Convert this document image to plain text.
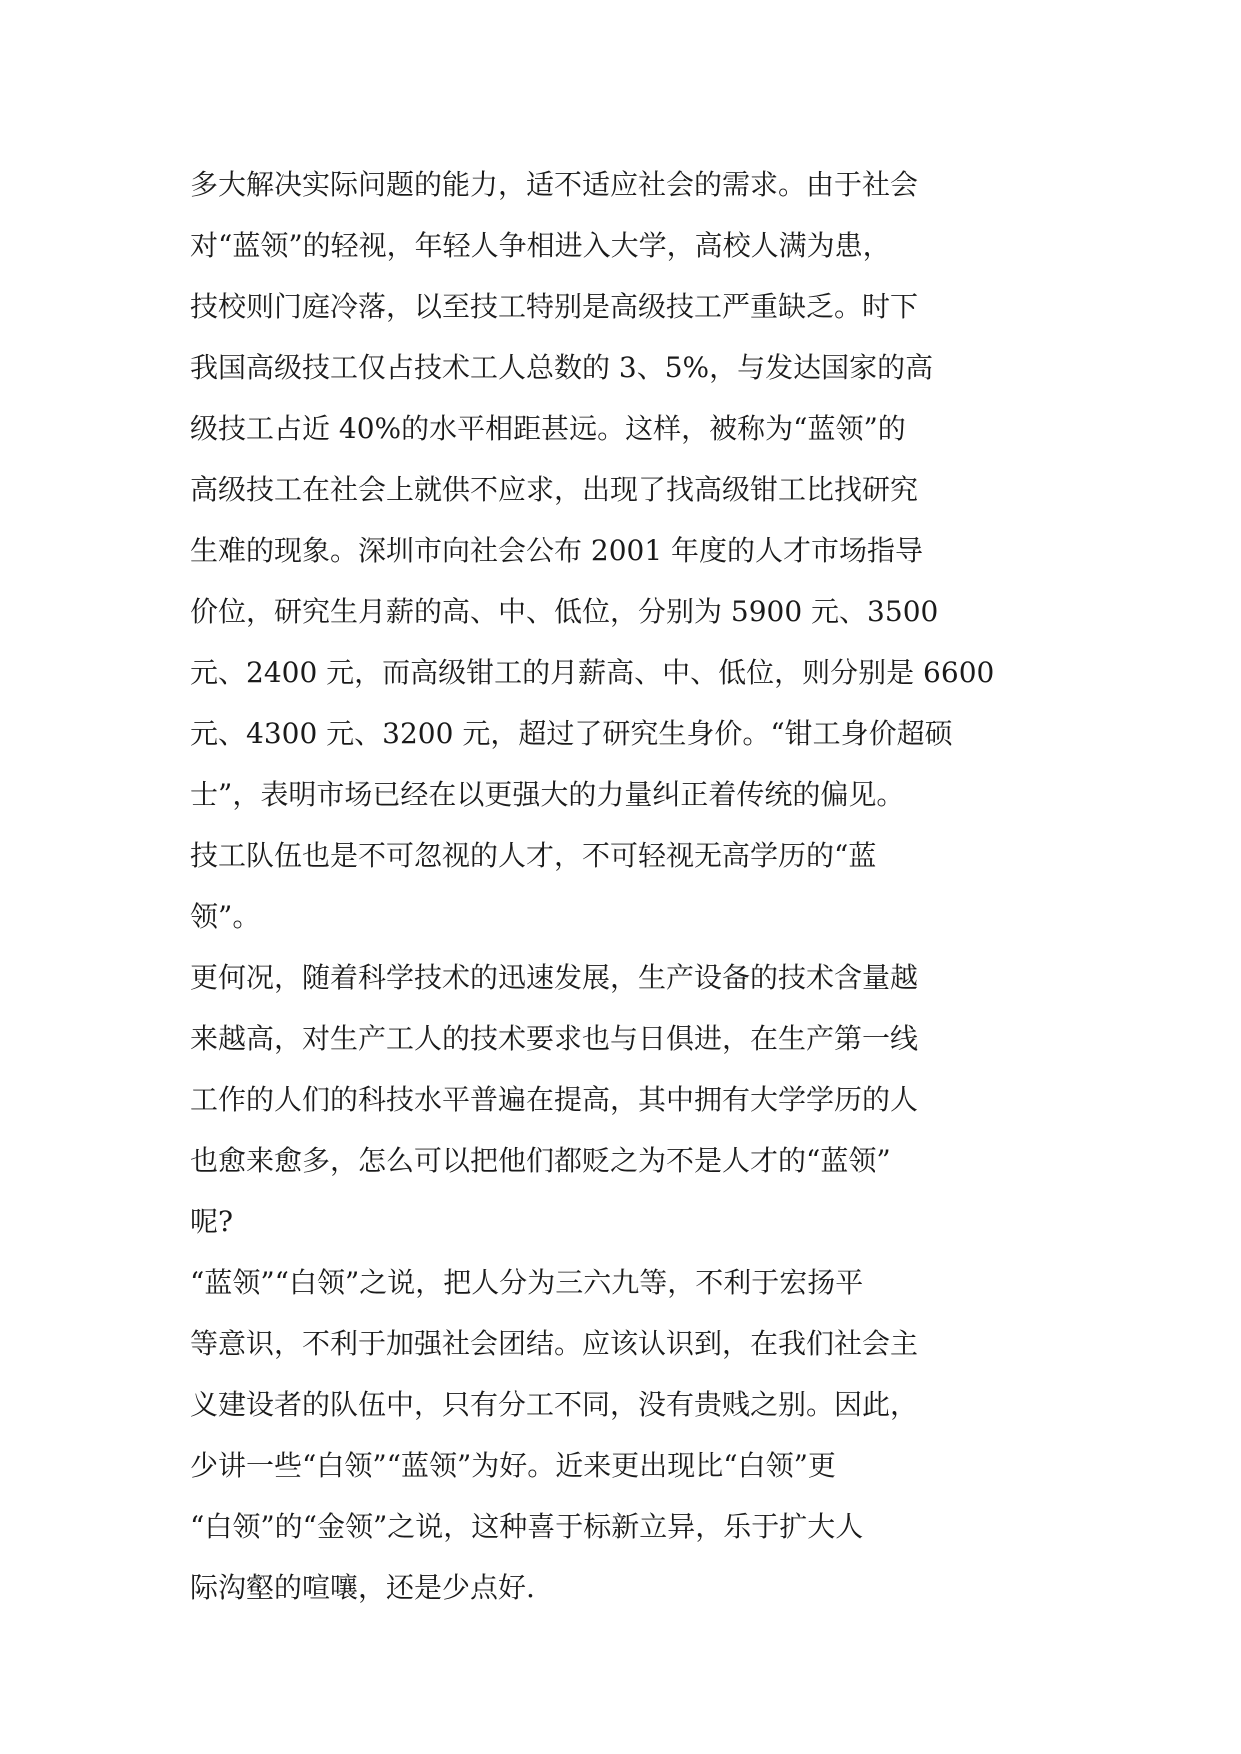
多大解决实际问题的能力，适不适应社会的需求。由于社会
对“蓝领”的轻视，年轻人争相进入大学，高校人满为患，
技校则门庭冷落，以至技工特别是高级技工严重缺乏。时下
我国高级技工仅占技术工人总数的 3、5%，与发达国家的高
级技工占近 40%的水平相距甚远。这样，被称为“蓝领”的
高级技工在社会上就供不应求，出现了找高级钳工比找研究
生难的现象。深圳市向社会公布 2001 年度的人才市场指导
价位，研究生月薪的高、中、低位，分别为 5900 元、3500
元、2400 元，而高级钳工的月薪高、中、低位，则分别是 6600
元、4300 元、3200 元，超过了研究生身价。“钳工身价超硕
士”，表明市场已经在以更强大的力量纠正着传统的偏见。
技工队伍也是不可忽视的人才，不可轻视无高学历的“蓝
领”。
更何况，随着科学技术的迅速发展，生产设备的技术含量越
来越高，对生产工人的技术要求也与日俱进，在生产第一线
工作的人们的科技水平普遍在提高，其中拥有大学学历的人
也愈来愈多，怎么可以把他们都贬之为不是人才的“蓝领”
呢?
“蓝领”“白领”之说，把人分为三六九等，不利于宏扬平
等意识，不利于加强社会团结。应该认识到，在我们社会主
义建设者的队伍中，只有分工不同，没有贵贱之别。因此，
少讲一些“白领”“蓝领”为好。近来更出现比“白领”更
“白领”的“金领”之说，这种喜于标新立异，乐于扩大人
际沟壑的喧嚷，还是少点好.
